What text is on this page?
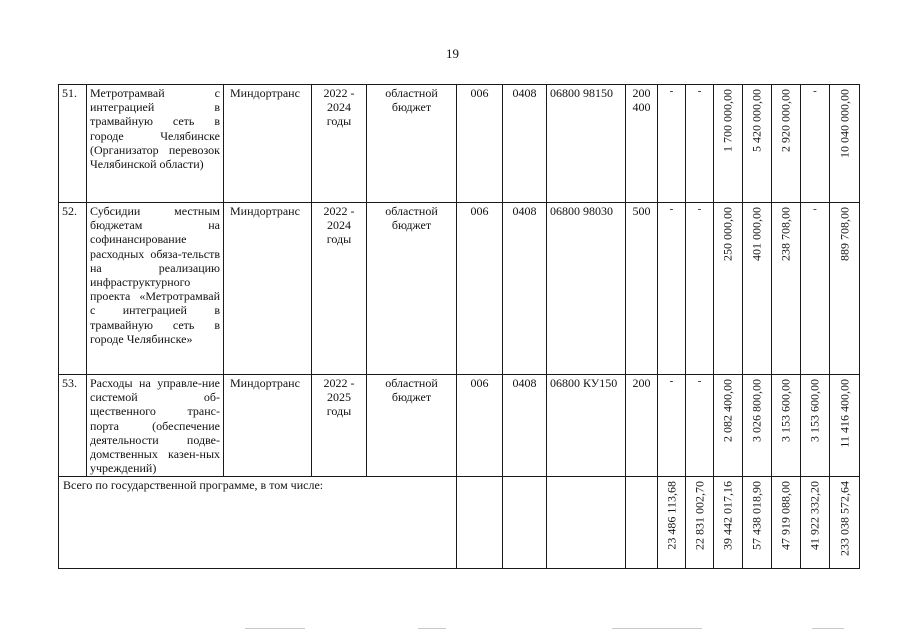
19
51.	Метротрамвай с интеграцией в трамвайную сеть в городе Челябинске (Организатор перевозок Челябинской области)	Миндортранс	2022 - 2024 годы	областной бюджет	006	0408	06800 98150	200 400	-	-	1 700 000,00	5 420 000,00	2 920 000,00	-	10 040 000,00

52.	Субсидии местным бюджетам на софинансирование расходных обяза-тельств на реализацию инфраструктурного проекта «Метротрамвай с интеграцией в трамвайную сеть в городе Челябинске»	Миндортранс	2022 - 2024 годы	областной бюджет	006	0408	06800 98030	500	-	-	250 000,00	401 000,00	238 708,00	-	889 708,00

53.	Расходы на управле-ние системой об-щественного транс-порта (обеспечение деятельности подве-домственных казен-ных учреждений)	Миндортранс	2022 - 2025 годы	областной бюджет	006	0408	06800 КУ150	200	-	-	2 082 400,00	3 026 800,00	3 153 600,00	3 153 600,00	11 416 400,00

Всего по государственной программе, в том числе:									23 486 113,68	22 831 002,70	39 442 017,16	57 438 018,90	47 919 088,00	41 922 332,20	233 038 572,64
